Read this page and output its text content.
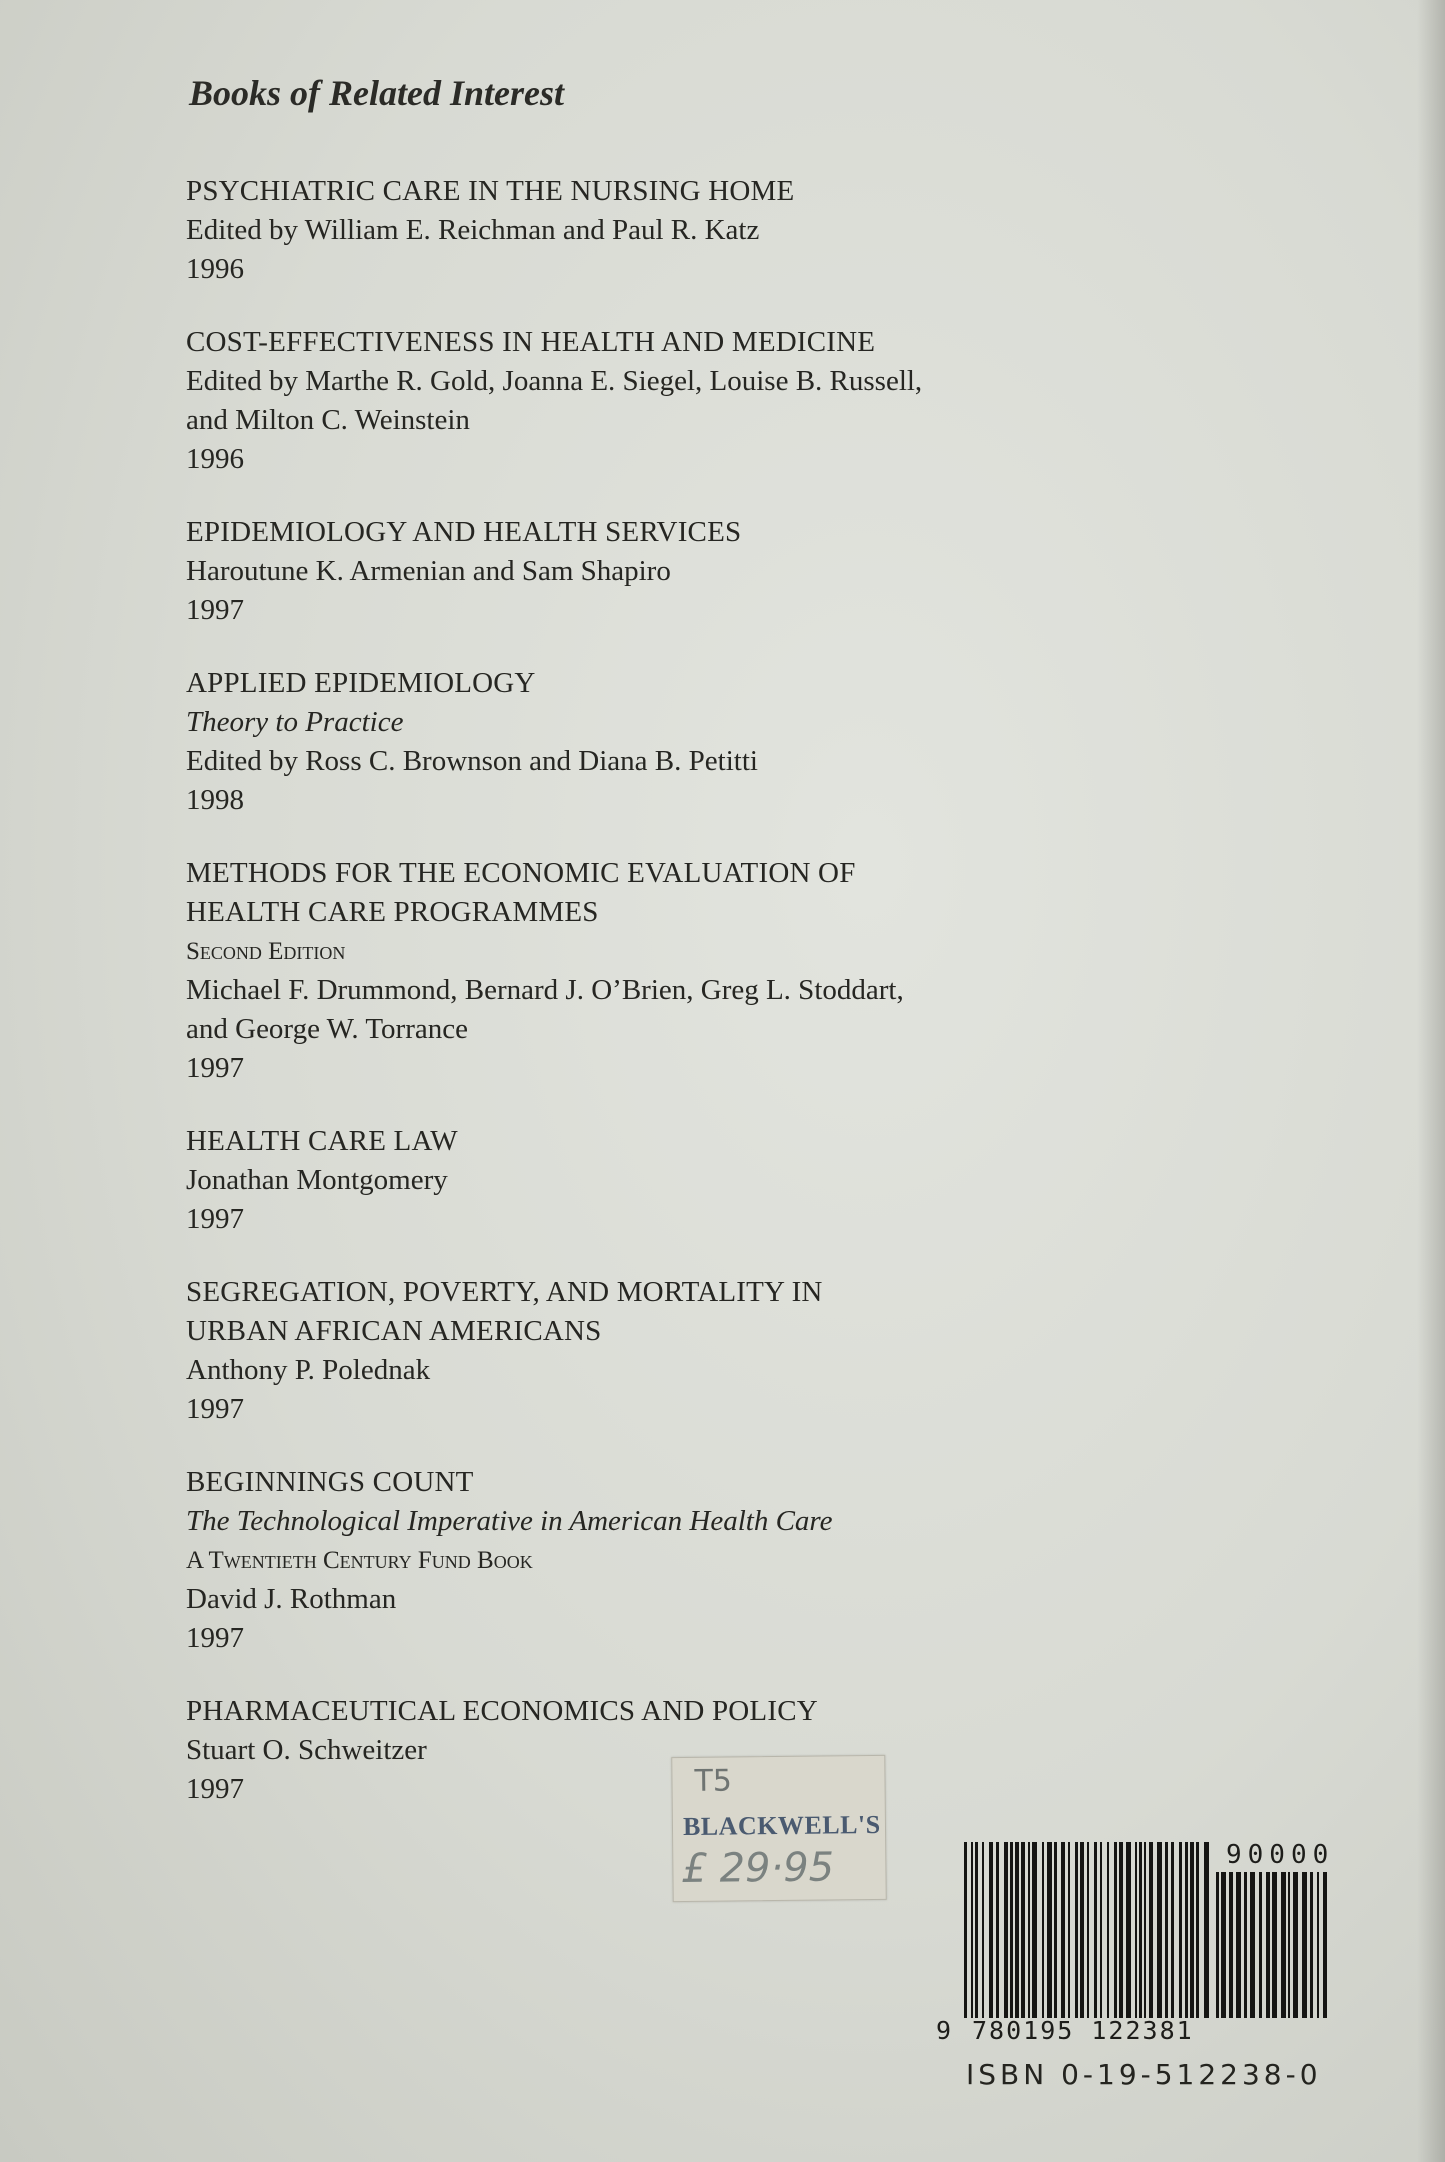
Books of Related Interest
PSYCHIATRIC CARE IN THE NURSING HOME
Edited by William E. Reichman and Paul R. Katz
1996
COST-EFFECTIVENESS IN HEALTH AND MEDICINE
Edited by Marthe R. Gold, Joanna E. Siegel, Louise B. Russell,
and Milton C. Weinstein
1996
EPIDEMIOLOGY AND HEALTH SERVICES
Haroutune K. Armenian and Sam Shapiro
1997
APPLIED EPIDEMIOLOGY
Theory to Practice
Edited by Ross C. Brownson and Diana B. Petitti
1998
METHODS FOR THE ECONOMIC EVALUATION OF
HEALTH CARE PROGRAMMES
Second Edition
Michael F. Drummond, Bernard J. O’Brien, Greg L. Stoddart,
and George W. Torrance
1997
HEALTH CARE LAW
Jonathan Montgomery
1997
SEGREGATION, POVERTY, AND MORTALITY IN
URBAN AFRICAN AMERICANS
Anthony P. Polednak
1997
BEGINNINGS COUNT
The Technological Imperative in American Health Care
A Twentieth Century Fund Book
David J. Rothman
1997
PHARMACEUTICAL ECONOMICS AND POLICY
Stuart O. Schweitzer
1997	T5
BLACKWELL'S
£ 29·95	90000
9 780195 122381
ISBN 0-19-512238-0
